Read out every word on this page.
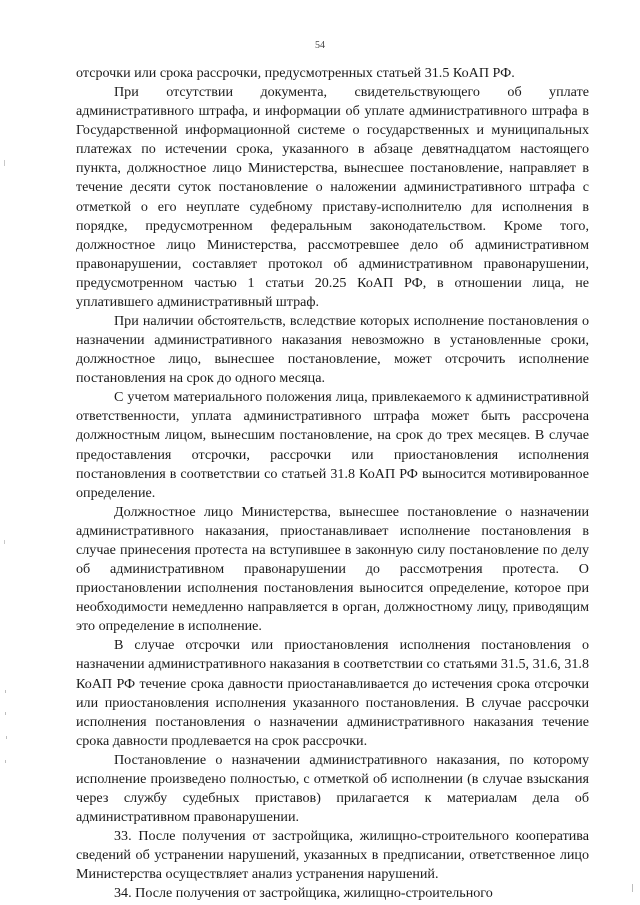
54

отсрочки или срока рассрочки, предусмотренных статьей 31.5 КоАП РФ.

При отсутствии документа, свидетельствующего об уплате административного штрафа, и информации об уплате административного штрафа в Государственной информационной системе о государственных и муниципальных платежах по истечении срока, указанного в абзаце девятнадцатом настоящего пункта, должностное лицо Министерства, вынесшее постановление, направляет в течение десяти суток постановление о наложении административного штрафа с отметкой о его неуплате судебному приставу-исполнителю для исполнения в порядке, предусмотренном федеральным законодательством. Кроме того, должностное лицо Министерства, рассмотревшее дело об административном правонарушении, составляет протокол об административном правонарушении, предусмотренном частью 1 статьи 20.25 КоАП РФ, в отношении лица, не уплатившего административный штраф.

При наличии обстоятельств, вследствие которых исполнение постановления о назначении административного наказания невозможно в установленные сроки, должностное лицо, вынесшее постановление, может отсрочить исполнение постановления на срок до одного месяца.

С учетом материального положения лица, привлекаемого к административной ответственности, уплата административного штрафа может быть рассрочена должностным лицом, вынесшим постановление, на срок до трех месяцев. В случае предоставления отсрочки, рассрочки или приостановления исполнения постановления в соответствии со статьей 31.8 КоАП РФ выносится мотивированное определение.

Должностное лицо Министерства, вынесшее постановление о назначении административного наказания, приостанавливает исполнение постановления в случае принесения протеста на вступившее в законную силу постановление по делу об административном правонарушении до рассмотрения протеста. О приостановлении исполнения постановления выносится определение, которое при необходимости немедленно направляется в орган, должностному лицу, приводящим это определение в исполнение.

В случае отсрочки или приостановления исполнения постановления о назначении административного наказания в соответствии со статьями 31.5, 31.6, 31.8 КоАП РФ течение срока давности приостанавливается до истечения срока отсрочки или приостановления исполнения указанного постановления. В случае рассрочки исполнения постановления о назначении административного наказания течение срока давности продлевается на срок рассрочки.

Постановление о назначении административного наказания, по которому исполнение произведено полностью, с отметкой об исполнении (в случае взыскания через службу судебных приставов) прилагается к материалам дела об административном правонарушении.

33. После получения от застройщика, жилищно-строительного кооператива сведений об устранении нарушений, указанных в предписании, ответственное лицо Министерства осуществляет анализ устранения нарушений.

34. После получения от застройщика, жилищно-строительного
